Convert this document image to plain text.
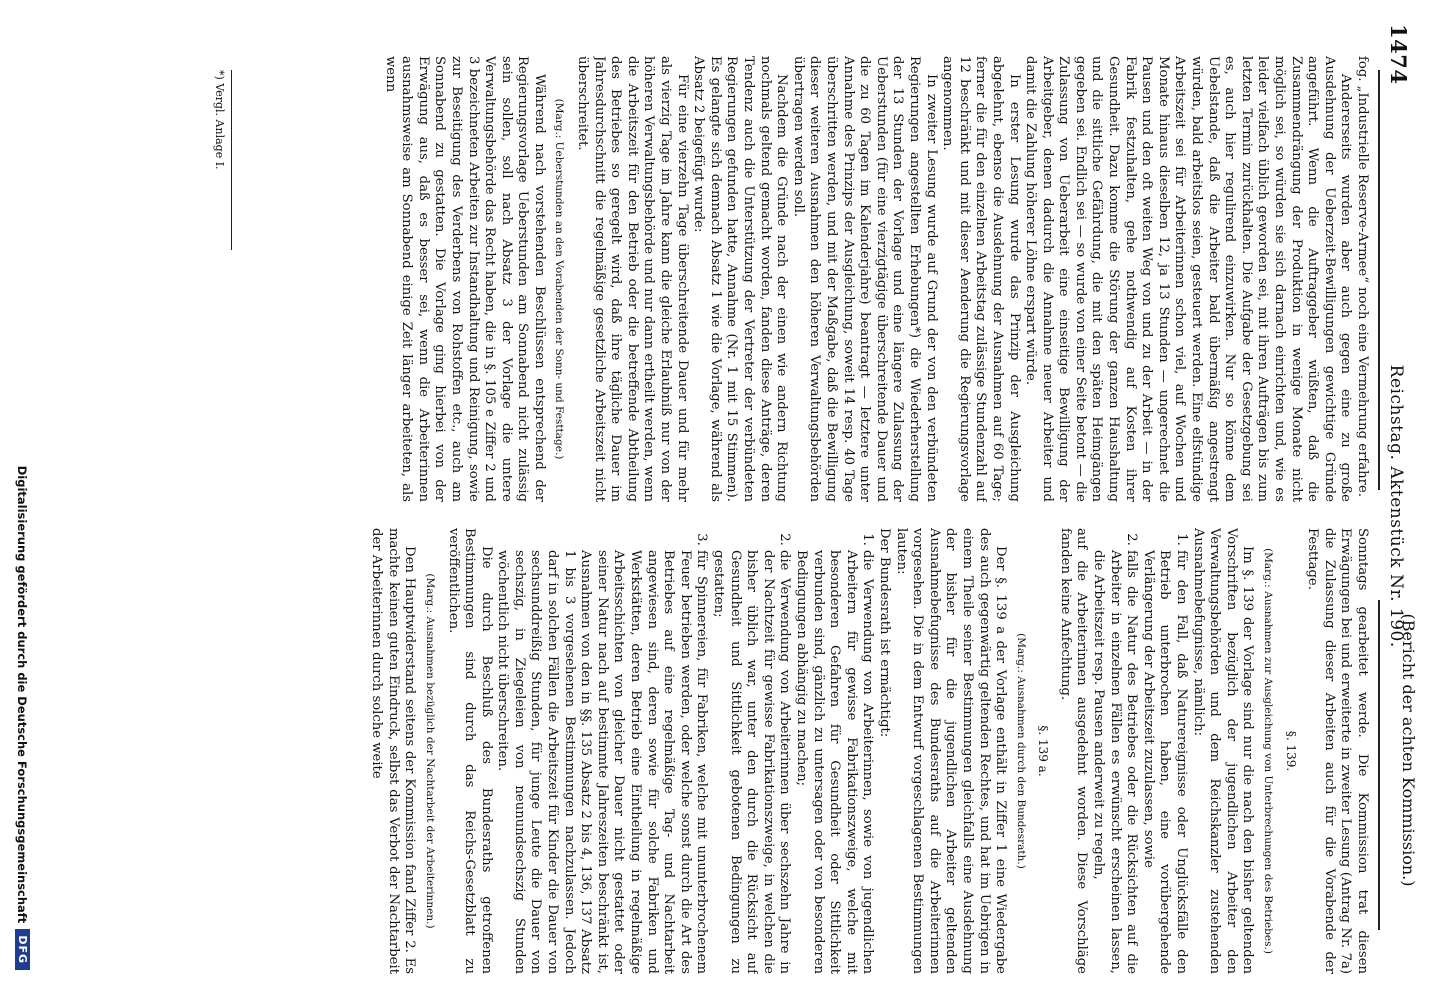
1474
Reichstag. Aktenstück Nr. 190.
(Bericht der achten Kommission.)

fog. „Industrielle Reserve-Armee“ noch eine Vermehrung erfahre.

Andererseits wurden aber auch gegen eine zu große Ausdehnung der Ueberzeit-Bewilligungen gewichtige Gründe angeführt. Wenn die Auftraggeber wüßten, daß die Zusammendrängung der Produktion in wenige Monate nicht möglich sei, so würden sie sich darnach einrichten und, wie es leider vielfach üblich geworden sei, mit ihren Aufträgen bis zum letzten Termin zurückhalten. Die Aufgabe der Gesetzgebung sei es, auch hier regulirend einzuwirken. Nur so könne dem Uebelstande, daß die Arbeiter bald übermäßig angestrengt würden, bald arbeitslos seien, gesteuert werden. Eine elfstündige Arbeitszeit sei für Arbeiterinnen schon viel, auf Wochen und Monate hinaus dieselben 12, ja 13 Stunden — ungerechnet die Pausen und den oft weiten Weg von und zu der Arbeit — in der Fabrik festzuhalten, gehe nothwendig auf Kosten ihrer Gesundheit. Dazu komme die Störung der ganzen Haushaltung und die sittliche Gefährdung, die mit den späten Heimgängen gegeben sei. Endlich sei — so wurde von einer Seite betont — die Zulassung von Ueberarbeit eine einseitige Bewilligung der Arbeitgeber, denen dadurch die Annahme neuer Arbeiter und damit die Zahlung höherer Löhne erspart würde.

In erster Lesung wurde das Prinzip der Ausgleichung abgelehnt, ebenso die Ausdehnung der Ausnahmen auf 60 Tage; ferner die für den einzelnen Arbeitstag zulässige Stundenzahl auf 12 beschränkt und mit dieser Aenderung die Regierungsvorlage angenommen.

In zweiter Lesung wurde auf Grund der von den verbündeten Regierungen angestellten Erhebungen*) die Wiederherstellung der 13 Stunden der Vorlage und eine längere Zulassung der Ueberstunden (für eine vierzigtägige überschreitende Dauer und die zu 60 Tagen im Kalenderjahre) beantragt — letztere unter Annahme des Prinzips der Ausgleichung, soweit 14 resp. 40 Tage überschritten werden, und mit der Maßgabe, daß die Bewilligung dieser weiteren Ausnahmen den höheren Verwaltungsbehörden übertragen werden soll.

Nachdem die Gründe nach der einen wie andern Richtung nochmals geltend gemacht worden, fanden diese Anträge, deren Tendenz auch die Unterstützung der Vertreter der verbündeten Regierungen gefunden hatte, Annahme (Nr. 1 mit 15 Stimmen). Es gelangte sich demnach Absatz 1 wie die Vorlage, während als Absatz 2 beigefügt wurde:

Für eine vierzehn Tage überschreitende Dauer und für mehr als vierzig Tage im Jahre kann die gleiche Erlaubniß nur von der höheren Verwaltungsbehörde und nur dann ertheilt werden, wenn die Arbeitszeit für den Betrieb oder die betreffende Abtheilung des Betriebes so geregelt wird, daß ihre tägliche Dauer im Jahresdurchschnitt die regelmäßige gesetzliche Arbeitszeit nicht überschreitet.

(Marg.: Ueberstunden an den Vorabenden der Sonn- und Festtage.)

Während nach vorstehenden Beschlüssen entsprechend der Regierungsvorlage Ueberstunden am Sonnabend nicht zulässig sein sollen, soll nach Absatz 3 der Vorlage die untere Verwaltungsbehörde das Recht haben, die in §. 105 e Ziffer 2 und 3 bezeichneten Arbeiten zur Instandhaltung und Reinigung, sowie zur Beseitigung des Verderbens von Rohstoffen etc., auch am Sonnabend zu gestatten. Die Vorlage ging hierbei von der Erwägung aus, daß es besser sei, wenn die Arbeiterinnen ausnahmsweise am Sonnabend einige Zeit länger arbeiteten, als wenn

Sonntags gearbeitet werde. Die Kommission trat diesen Erwägungen bei und erweiterte in zweiter Lesung (Antrag Nr. 7a) die Zulassung dieser Arbeiten auch für die Vorabende der Festtage.

§. 139.

(Marg.: Ausnahmen zur Ausgleichung von Unterbrechungen des Betriebes.)

Im §. 139 der Vorlage sind nur die nach den bisher geltenden Vorschriften bezüglich der jugendlichen Arbeiter den Verwaltungsbehörden und dem Reichskanzler zustehenden Ausnahmebefugnisse, nämlich:

1. für den Fall, daß Naturereignisse oder Unglücksfälle den Betrieb unterbrochen haben, eine vorübergehende Verlängerung der Arbeitszeit zuzulassen, sowie
2. falls die Natur des Betriebes oder die Rücksichten auf die Arbeiter in einzelnen Fällen es erwünscht erscheinen lassen, die Arbeitszeit resp. Pausen anderweit zu regeln,

auf die Arbeiterinnen ausgedehnt worden. Diese Vorschläge fanden keine Anfechtung.

§. 139 a.

(Marg.: Ausnahmen durch den Bundesrath.)

Der §. 139 a der Vorlage enthält in Ziffer 1 eine Wiedergabe des auch gegenwärtig geltenden Rechtes, und hat im Uebrigen in einem Theile seiner Bestimmungen gleichfalls eine Ausdehnung der bisher für die jugendlichen Arbeiter geltenden Ausnahmebefugnisse des Bundesraths auf die Arbeiterinnen vorgesehen. Die in dem Entwurf vorgeschlagenen Bestimmungen lauten:

Der Bundesrath ist ermächtigt:

1. die Verwendung von Arbeiterinnen, sowie von jugendlichen Arbeitern für gewisse Fabrikationszweige, welche mit besonderen Gefahren für Gesundheit oder Sittlichkeit verbunden sind, gänzlich zu untersagen oder von besonderen Bedingungen abhängig zu machen;
2. die Verwendung von Arbeiterinnen über sechszehn Jahre in der Nachtzeit für gewisse Fabrikationszweige, in welchen die bisher üblich war, unter den durch die Rücksicht auf Gesundheit und Sittlichkeit gebotenen Bedingungen zu gestatten;
3. für Spinnereien, für Fabriken, welche mit ununterbrochenem Feuer betrieben werden, oder welche sonst durch die Art des Betriebes auf eine regelmäßige Tag- und Nachtarbeit angewiesen sind, deren sowie für solche Fabriken und Werkstätten, deren Betrieb eine Eintheilung in regelmäßige Arbeitsschichten von gleicher Dauer nicht gestattet oder seiner Natur nach auf bestimmte Jahreszeiten beschränkt ist, Ausnahmen von den in §§. 135 Absatz 2 bis 4, 136, 137 Absatz 1 bis 3 vorgesehenen Bestimmungen nachzulassen. Jedoch darf in solchen Fällen die Arbeitszeit für Kinder die Dauer von sechsunddreißig Stunden, für junge Leute die Dauer von sechszig, in Ziegeleien von neunundsechszig Stunden wöchentlich nicht überschreiten.

Die durch Beschluß des Bundesraths getroffenen Bestimmungen sind durch das Reichs-Gesetzblatt zu veröffentlichen.

(Marg.: Ausnahmen bezüglich der Nachtarbeit der Arbeiterinnen.)

Den Hauptwiderstand seitens der Kommission fand Ziffer 2. Es machte keinen guten Eindruck, selbst das Verbot der Nachtarbeit der Arbeiterinnen durch solche weite

*) Vergl. Anlage I.
Digitalisierung gefördert durch die Deutsche Forschungsgemeinschaft
DFG
